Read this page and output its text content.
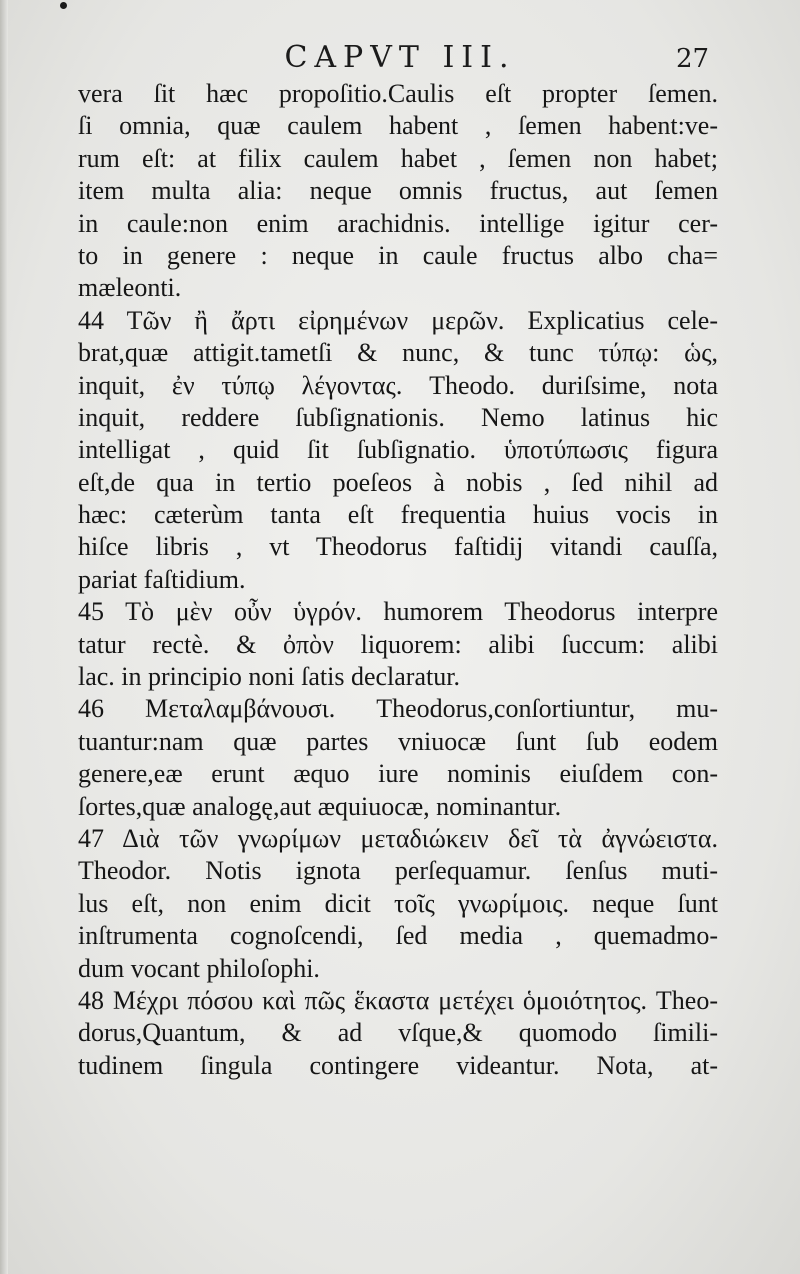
CAPVT III.	27
vera ſit hæc propoſitio.Caulis eſt propter ſemen.
ſi omnia, quæ caulem habent , ſemen habent:ve-
rum eſt: at filix caulem habet , ſemen non habet;
item multa alia: neque omnis fructus, aut ſemen
in caule:non enim arachidnis. intellige igitur cer-
to in genere : neque in caule fructus albo cha=
mæleonti.
44 Τῶν ἢ ἄρτι εἰρημένων μερῶν. Explicatius cele-
brat,quæ attigit.tametſi & nunc, & tunc τύπῳ: ὡς,
inquit, ἐν τύπῳ λέγοντας. Theodo. duriſsime, nota
inquit, reddere ſubſignationis. Nemo latinus hic
intelligat , quid ſit ſubſignatio. ὑποτύπωσις figura
eſt,de qua in tertio poeſeos à nobis , ſed nihil ad
hæc: cæterùm tanta eſt frequentia huius vocis in
hiſce libris , vt Theodorus faſtidij vitandi cauſſa,
pariat faſtidium.
45 Τὸ μὲν οὖν ὑγρόν. humorem Theodorus interpre
tatur rectè. & ὀπὸν liquorem: alibi ſuccum: alibi
lac. in principio noni ſatis declaratur.
46 Μεταλαμβάνουσι. Theodorus,conſortiuntur, mu-
tuantur:nam quæ partes vniuocæ ſunt ſub eodem
genere,eæ erunt æquo iure nominis eiuſdem con-
ſortes,quæ analogę,aut æquiuocæ, nominantur.
47 Διὰ τῶν γνωρίμων μεταδιώκειν δεῖ τὰ ἀγνώειστα.
Theodor. Notis ignota perſequamur. ſenſus muti-
lus eſt, non enim dicit τοῖς γνωρίμοις. neque ſunt
inſtrumenta cognoſcendi, ſed media , quemadmo-
dum vocant philoſophi.
48 Μέχρι πόσου καὶ πῶς ἕκαστα μετέχει ὁμοιότητος. Theo-
dorus,Quantum, & ad vſque,& quomodo ſimili-
tudinem ſingula contingere videantur. Nota, at-
